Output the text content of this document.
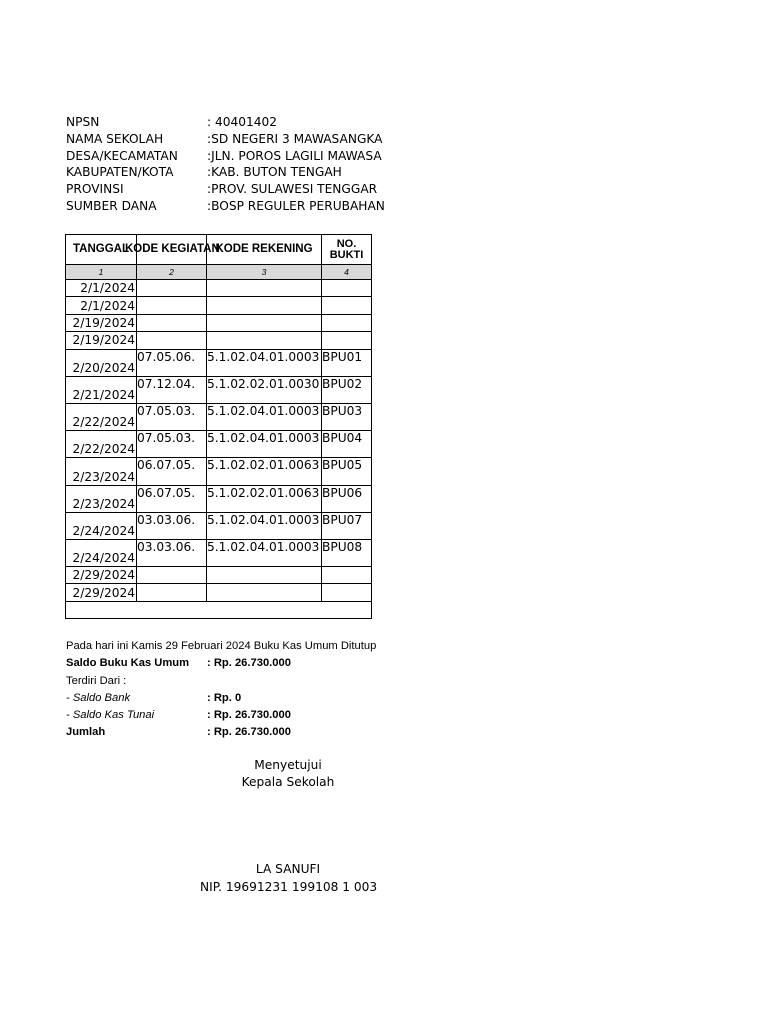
NPSN	: 40401402
NAMA SEKOLAH	:SD NEGERI 3 MAWASANGKA
DESA/KECAMATAN	:JLN. POROS LAGILI MAWASA
KABUPATEN/KOTA	:KAB. BUTON TENGAH
PROVINSI	:PROV. SULAWESI TENGGAR
SUMBER DANA	:BOSP REGULER PERUBAHAN
TANGGAL	KODE KEGIATAN	KODE REKENING	NO.
BUKTI
1	2	3	4
2/1/2024			
2/1/2024			
2/19/2024			
2/19/2024			
2/20/2024	07.05.06.	5.1.02.04.01.0003	BPU01
2/21/2024	07.12.04.	5.1.02.02.01.0030	BPU02
2/22/2024	07.05.03.	5.1.02.04.01.0003	BPU03
2/22/2024	07.05.03.	5.1.02.04.01.0003	BPU04
2/23/2024	06.07.05.	5.1.02.02.01.0063	BPU05
2/23/2024	06.07.05.	5.1.02.02.01.0063	BPU06
2/24/2024	03.03.06.	5.1.02.04.01.0003	BPU07
2/24/2024	03.03.06.	5.1.02.04.01.0003	BPU08
2/29/2024			
2/29/2024			

Pada hari ini Kamis 29 Februari 2024 Buku Kas Umum Ditutup
Saldo Buku Kas Umum	: Rp. 26.730.000
Terdiri Dari :
- Saldo Bank	: Rp. 0
- Saldo Kas Tunai	: Rp. 26.730.000
Jumlah	: Rp. 26.730.000
Menyetujui
Kepala Sekolah
LA SANUFI
NIP. 19691231 199108 1 003
